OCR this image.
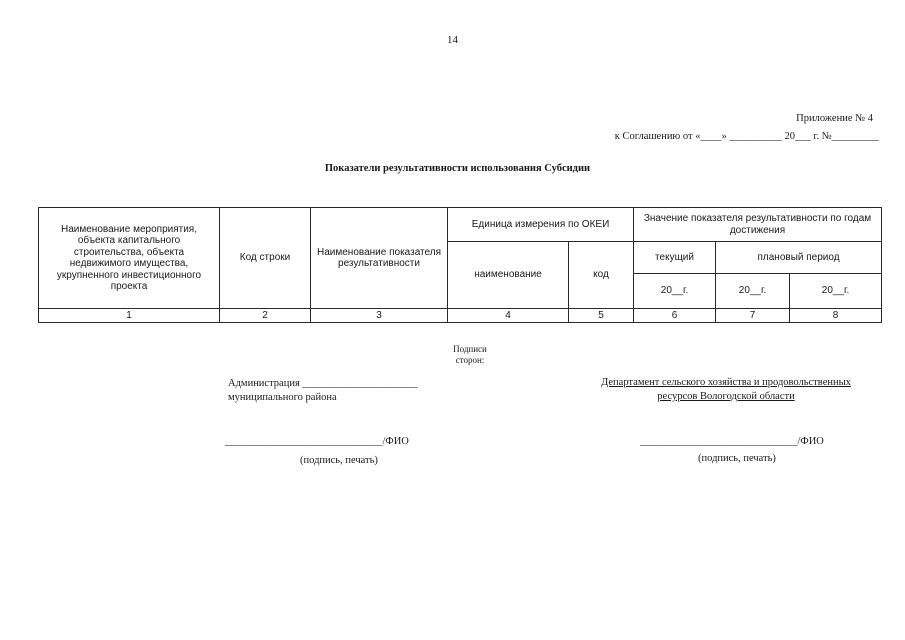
14
Приложение № 4
к Соглашению от «____» __________ 20___ г. №_________
Показатели результативности использования Субсидии
Наименование мероприятия, объекта капитального строительства, объекта недвижимого имущества, укрупненного инвестиционного проекта	Код строки	Наименование показателя результативности	Единица измерения по ОКЕИ		Значение показателя результативности по годам достижения		
			наименование	код	текущий	плановый период	
					20__г.	20__г.	20__г.
1	2	3	4	5	6	7	8
Подписи сторон:
Администрация ______________________
муниципального района
Департамент сельского хозяйства и продовольственных
ресурсов Вологодской области
______________________________/ФИО
(подпись, печать)
______________________________/ФИО
(подпись, печать)
